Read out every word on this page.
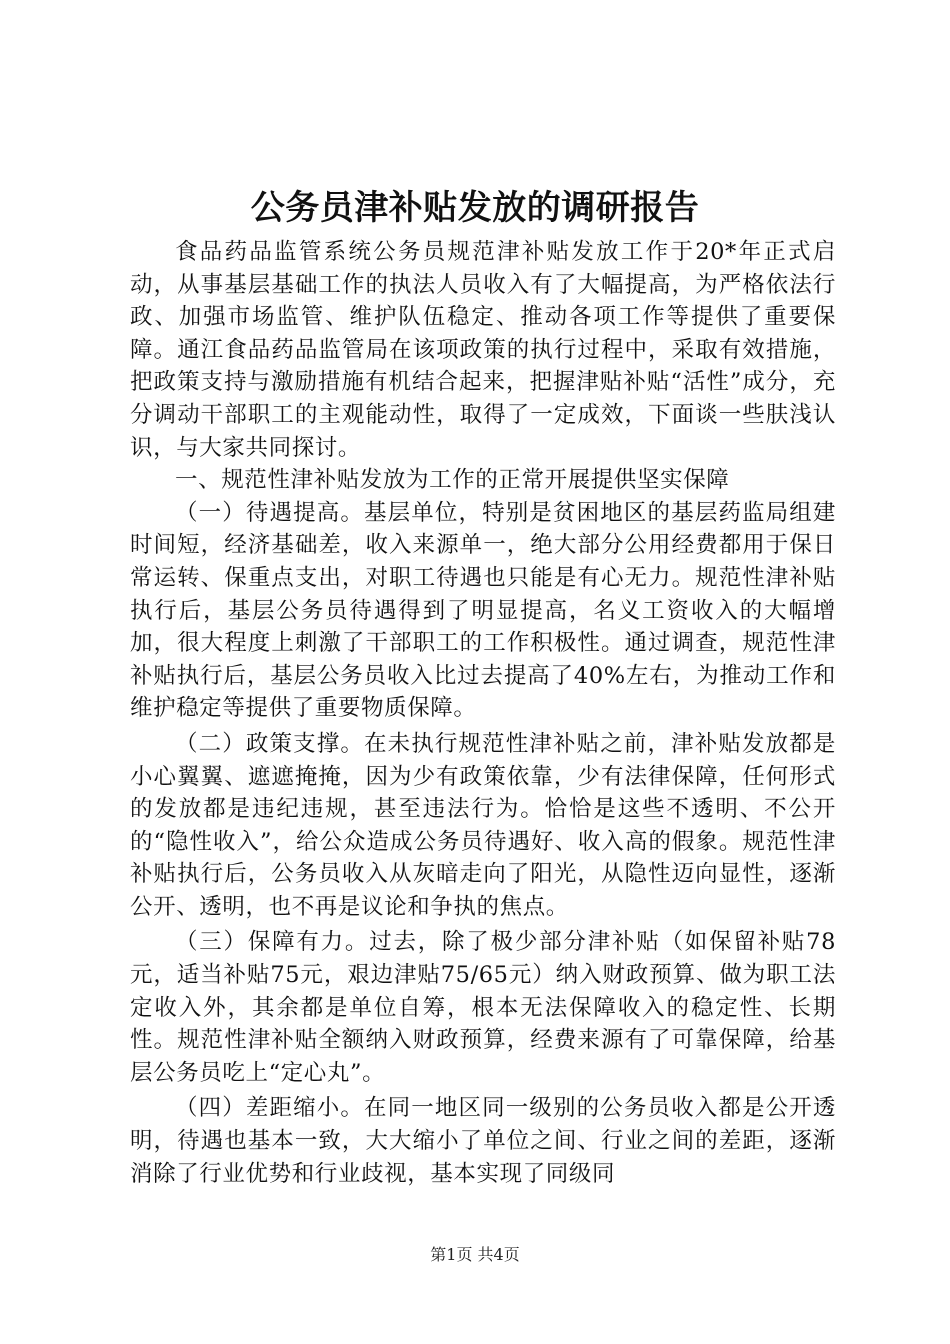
公务员津补贴发放的调研报告

食品药品监管系统公务员规范津补贴发放工作于20*年正式启动，从事基层基础工作的执法人员收入有了大幅提高，为严格依法行政、加强市场监管、维护队伍稳定、推动各项工作等提供了重要保障。通江食品药品监管局在该项政策的执行过程中，采取有效措施，把政策支持与激励措施有机结合起来，把握津贴补贴“活性”成分，充分调动干部职工的主观能动性，取得了一定成效，下面谈一些肤浅认识，与大家共同探讨。

一、规范性津补贴发放为工作的正常开展提供坚实保障

（一）待遇提高。基层单位，特别是贫困地区的基层药监局组建时间短，经济基础差，收入来源单一，绝大部分公用经费都用于保日常运转、保重点支出，对职工待遇也只能是有心无力。规范性津补贴执行后，基层公务员待遇得到了明显提高，名义工资收入的大幅增加，很大程度上刺激了干部职工的工作积极性。通过调查，规范性津补贴执行后，基层公务员收入比过去提高了40%左右，为推动工作和维护稳定等提供了重要物质保障。

（二）政策支撑。在未执行规范性津补贴之前，津补贴发放都是小心翼翼、遮遮掩掩，因为少有政策依靠，少有法律保障，任何形式的发放都是违纪违规，甚至违法行为。恰恰是这些不透明、不公开的“隐性收入”，给公众造成公务员待遇好、收入高的假象。规范性津补贴执行后，公务员收入从灰暗走向了阳光，从隐性迈向显性，逐渐公开、透明，也不再是议论和争执的焦点。

（三）保障有力。过去，除了极少部分津补贴（如保留补贴78元，适当补贴75元，艰边津贴75/65元）纳入财政预算、做为职工法定收入外，其余都是单位自筹，根本无法保障收入的稳定性、长期性。规范性津补贴全额纳入财政预算，经费来源有了可靠保障，给基层公务员吃上“定心丸”。

（四）差距缩小。在同一地区同一级别的公务员收入都是公开透明，待遇也基本一致，大大缩小了单位之间、行业之间的差距，逐渐消除了行业优势和行业歧视，基本实现了同级同

第1页 共4页
